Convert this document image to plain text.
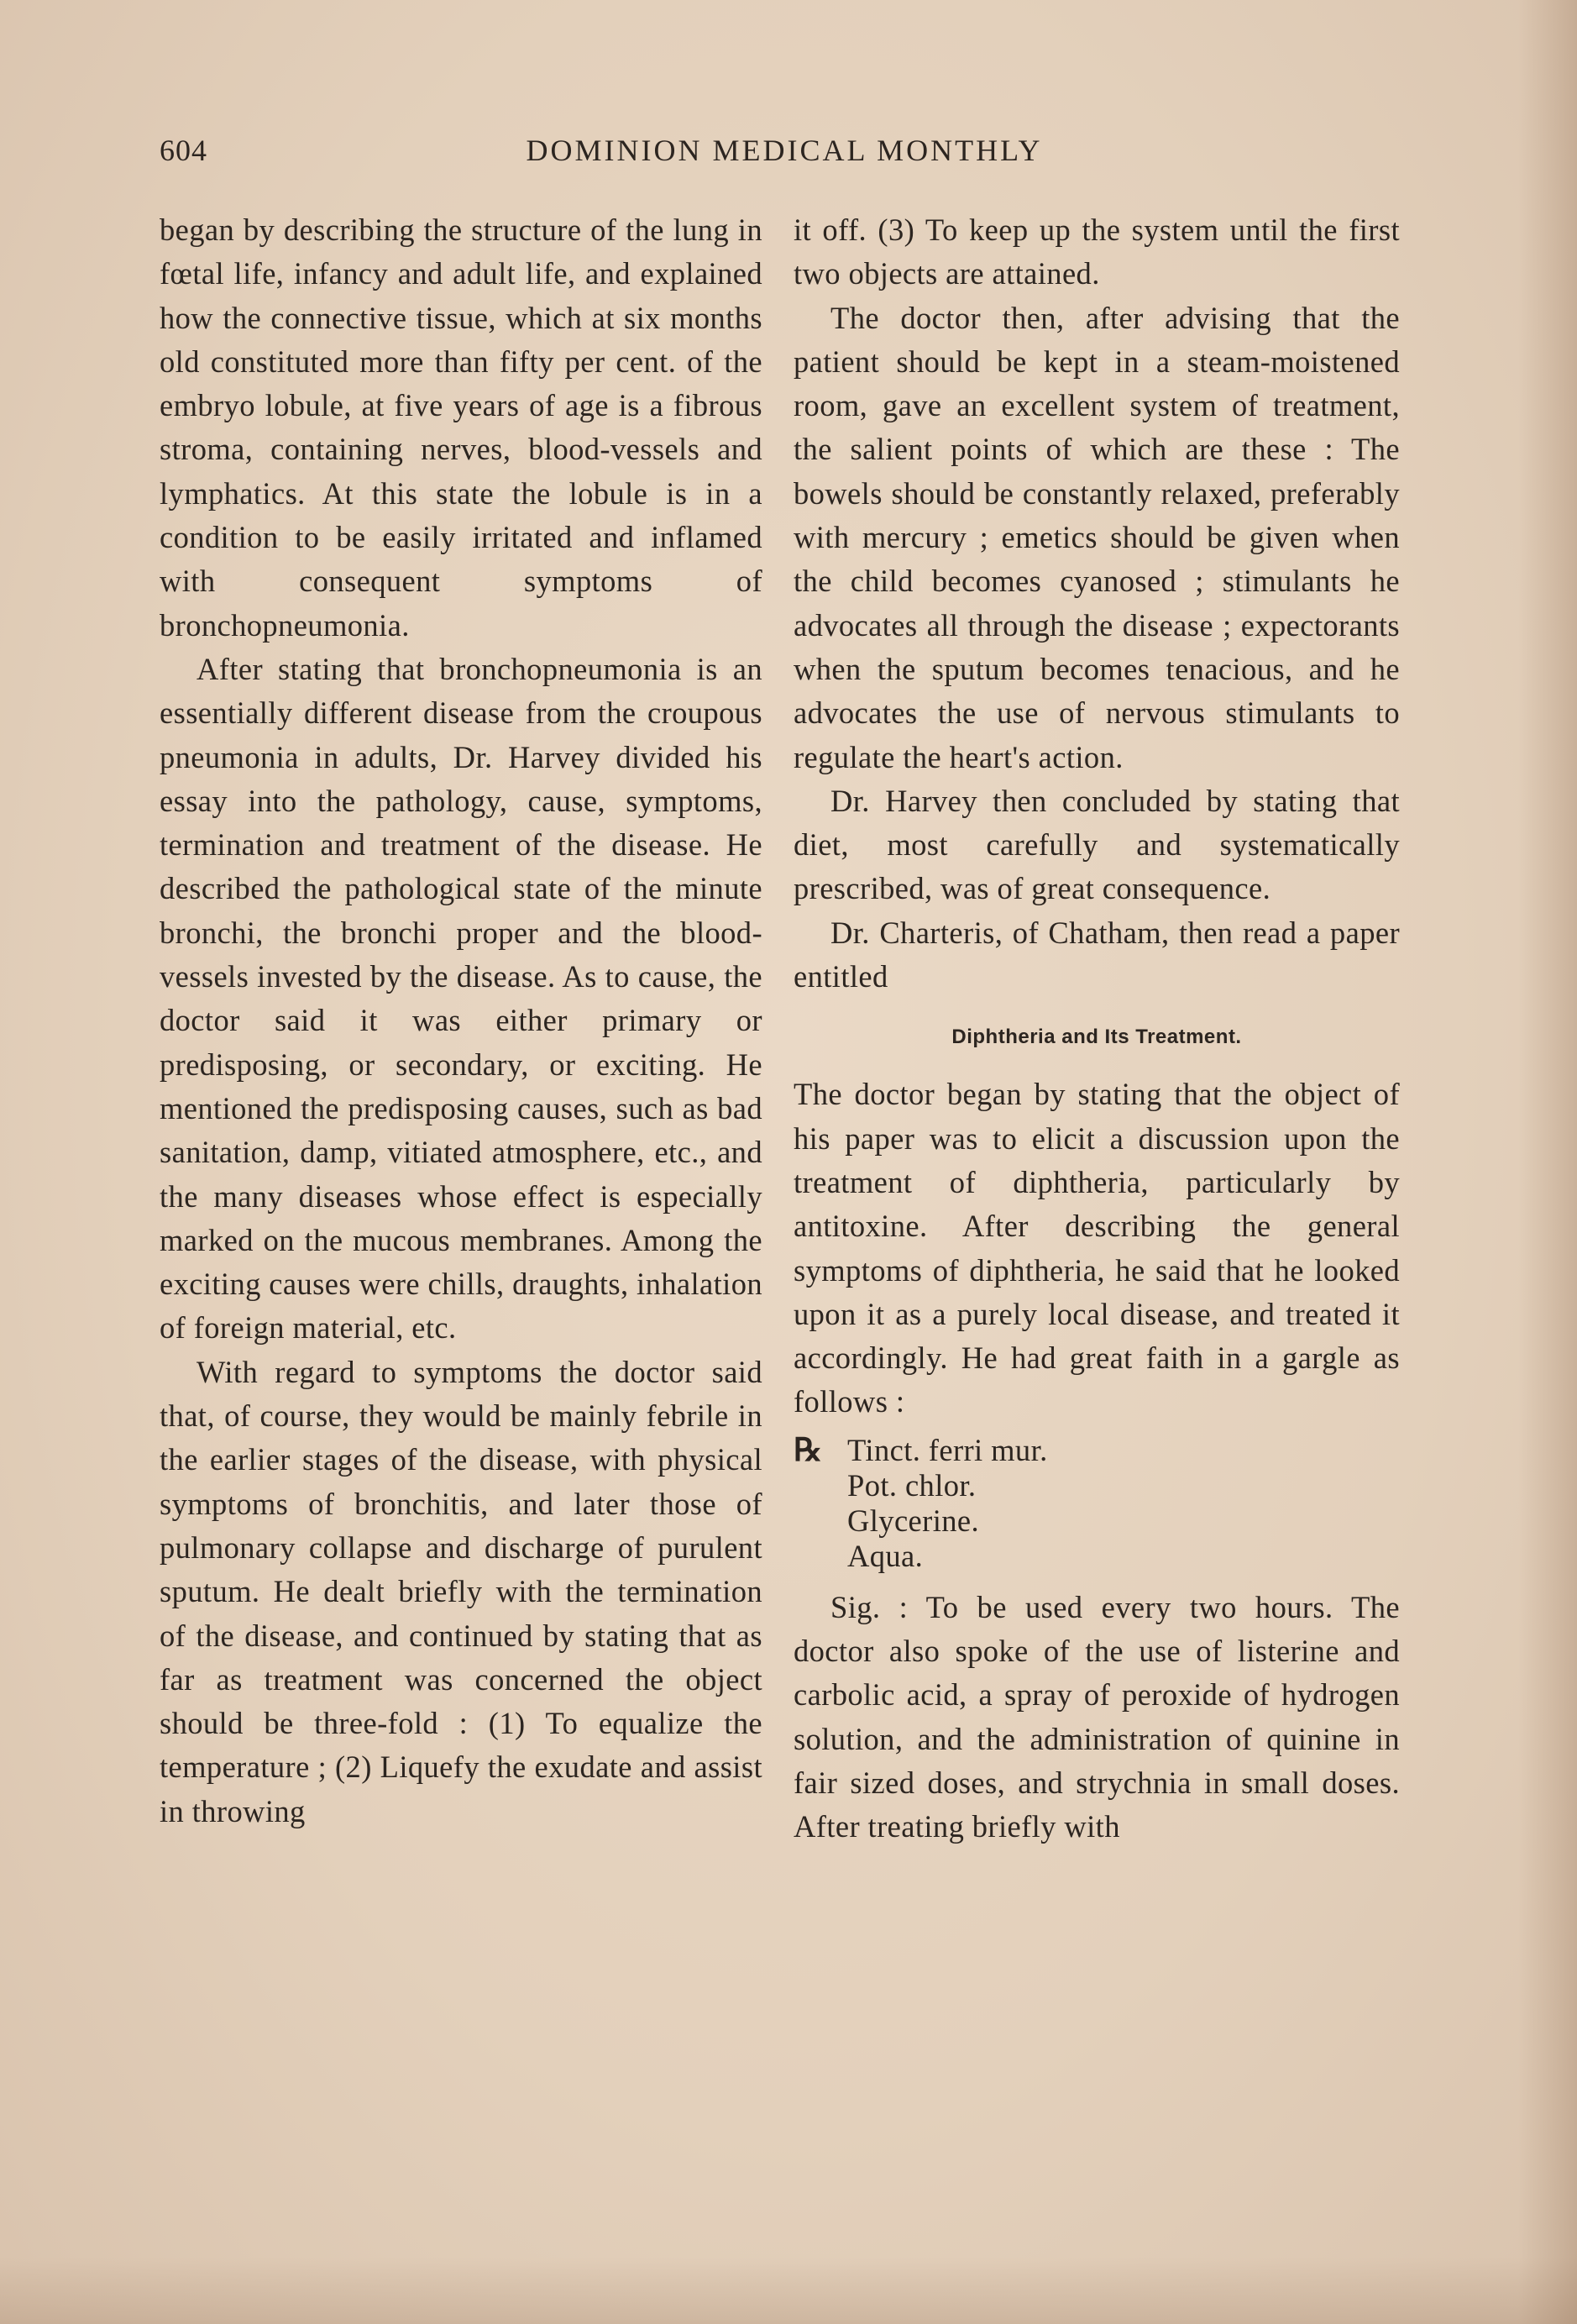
604	DOMINION MEDICAL MONTHLY

began by describing the structure of the lung in fœtal life, infancy and adult life, and explained how the connective tissue, which at six months old constituted more than fifty per cent. of the embryo lobule, at five years of age is a fibrous stroma, containing nerves, blood-vessels and lymphatics. At this state the lobule is in a condition to be easily irritated and inflamed with consequent symptoms of bronchopneumonia.

After stating that bronchopneumonia is an essentially different disease from the croupous pneumonia in adults, Dr. Harvey divided his essay into the pathology, cause, symptoms, termination and treatment of the disease. He described the pathological state of the minute bronchi, the bronchi proper and the blood-vessels invested by the disease. As to cause, the doctor said it was either primary or predisposing, or secondary, or exciting. He mentioned the predisposing causes, such as bad sanitation, damp, vitiated atmosphere, etc., and the many diseases whose effect is especially marked on the mucous membranes. Among the exciting causes were chills, draughts, inhalation of foreign material, etc.

With regard to symptoms the doctor said that, of course, they would be mainly febrile in the earlier stages of the disease, with physical symptoms of bronchitis, and later those of pulmonary collapse and discharge of purulent sputum. He dealt briefly with the termination of the disease, and continued by stating that as far as treatment was concerned the object should be three-fold : (1) To equalize the temperature ; (2) Liquefy the exudate and assist in throwing

it off. (3) To keep up the system until the first two objects are attained.

The doctor then, after advising that the patient should be kept in a steam-moistened room, gave an excellent system of treatment, the salient points of which are these : The bowels should be constantly relaxed, preferably with mercury ; emetics should be given when the child becomes cyanosed ; stimulants he advocates all through the disease ; expectorants when the sputum becomes tenacious, and he advocates the use of nervous stimulants to regulate the heart's action.

Dr. Harvey then concluded by stating that diet, most carefully and systematically prescribed, was of great consequence.

Dr. Charteris, of Chatham, then read a paper entitled

Diphtheria and Its Treatment.

The doctor began by stating that the object of his paper was to elicit a discussion upon the treatment of diphtheria, particularly by antitoxine. After describing the general symptoms of diphtheria, he said that he looked upon it as a purely local disease, and treated it accordingly. He had great faith in a gargle as follows :

℞ Tinct. ferri mur.
Pot. chlor.
Glycerine.
Aqua.

Sig. : To be used every two hours. The doctor also spoke of the use of listerine and carbolic acid, a spray of peroxide of hydrogen solution, and the administration of quinine in fair sized doses, and strychnia in small doses. After treating briefly with
